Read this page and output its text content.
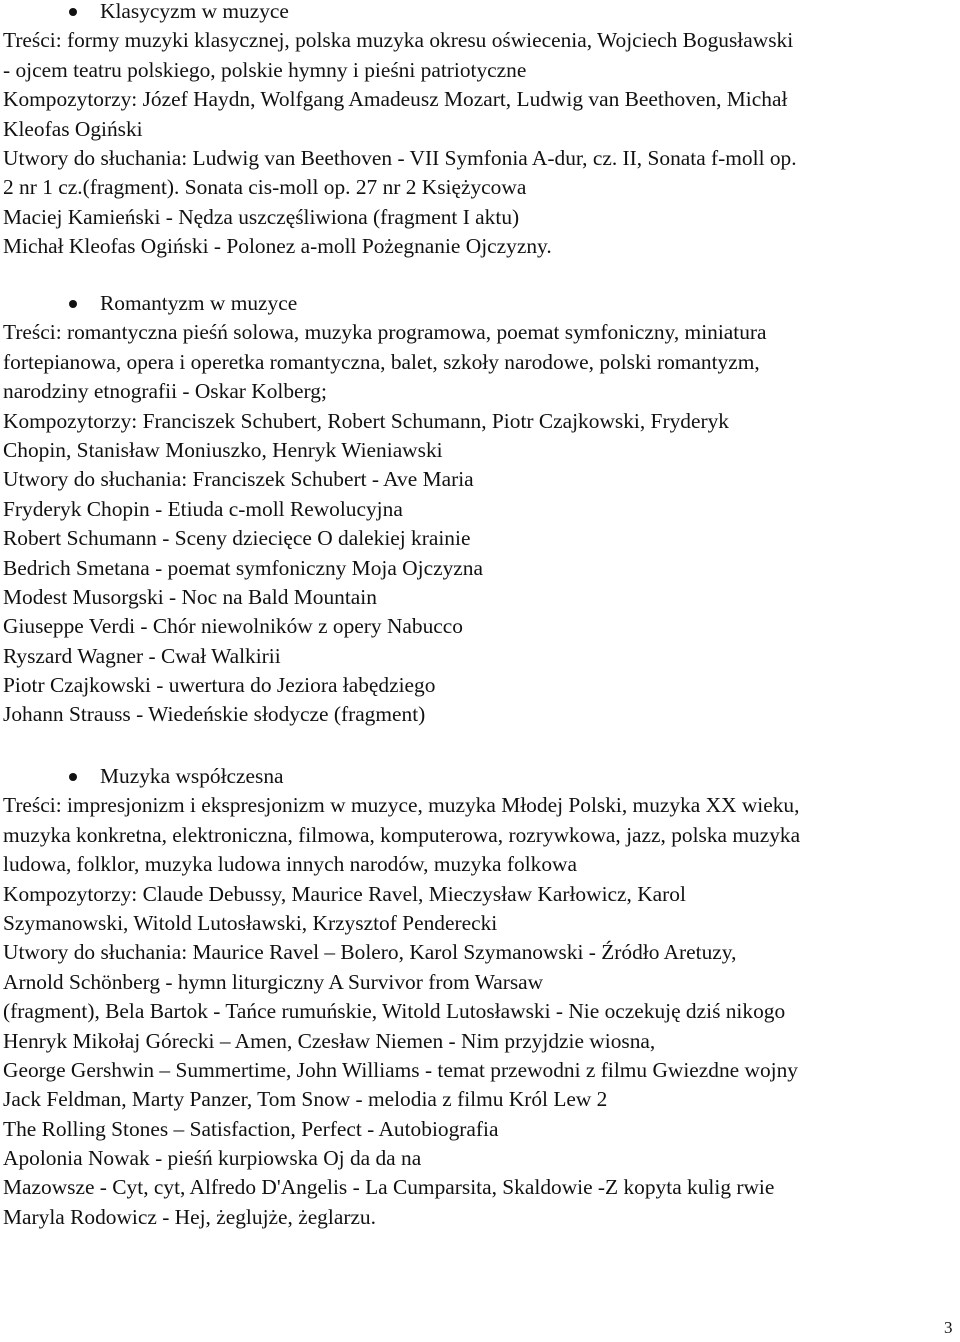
Klasycyzm w muzyce
Treści: formy muzyki klasycznej, polska muzyka okresu oświecenia, Wojciech Bogusławski
- ojcem teatru polskiego, polskie hymny i pieśni patriotyczne
Kompozytorzy: Józef Haydn, Wolfgang Amadeusz Mozart, Ludwig van Beethoven, Michał
Kleofas Ogiński
Utwory do słuchania: Ludwig van Beethoven - VII Symfonia A-dur, cz. II, Sonata f-moll op.
2 nr 1 cz.(fragment). Sonata cis-moll op. 27 nr 2 Księżycowa
Maciej Kamieński - Nędza uszczęśliwiona (fragment I aktu)
Michał Kleofas Ogiński - Polonez a-moll Pożegnanie Ojczyzny.
Romantyzm w muzyce
Treści: romantyczna pieśń solowa, muzyka programowa, poemat symfoniczny, miniatura
fortepianowa, opera i operetka romantyczna, balet, szkoły narodowe, polski romantyzm,
narodziny etnografii - Oskar Kolberg;
Kompozytorzy: Franciszek Schubert, Robert Schumann, Piotr Czajkowski, Fryderyk
Chopin, Stanisław Moniuszko, Henryk Wieniawski
Utwory do słuchania: Franciszek Schubert - Ave Maria
Fryderyk Chopin - Etiuda c-moll Rewolucyjna
Robert Schumann - Sceny dziecięce O dalekiej krainie
Bedrich Smetana - poemat symfoniczny Moja Ojczyzna
Modest Musorgski - Noc na Bald Mountain
Giuseppe Verdi - Chór niewolników z opery Nabucco
Ryszard Wagner - Cwał Walkirii
Piotr Czajkowski - uwertura do Jeziora łabędziego
Johann Strauss - Wiedeńskie słodycze (fragment)
Muzyka współczesna
Treści: impresjonizm i ekspresjonizm w muzyce, muzyka Młodej Polski, muzyka XX wieku,
muzyka konkretna, elektroniczna, filmowa, komputerowa, rozrywkowa, jazz, polska muzyka
ludowa, folklor, muzyka ludowa innych narodów, muzyka folkowa
Kompozytorzy: Claude Debussy, Maurice Ravel, Mieczysław Karłowicz, Karol
Szymanowski, Witold Lutosławski, Krzysztof Penderecki
Utwory do słuchania: Maurice Ravel – Bolero, Karol Szymanowski - Źródło Aretuzy,
Arnold Schönberg - hymn liturgiczny A Survivor from Warsaw
(fragment), Bela Bartok - Tańce rumuńskie, Witold Lutosławski - Nie oczekuję dziś nikogo
Henryk Mikołaj Górecki – Amen, Czesław Niemen - Nim przyjdzie wiosna,
George Gershwin – Summertime, John Williams - temat przewodni z filmu Gwiezdne wojny
Jack Feldman, Marty Panzer, Tom Snow - melodia z filmu Król Lew 2
The Rolling Stones – Satisfaction, Perfect - Autobiografia
Apolonia Nowak - pieśń kurpiowska Oj da da na
Mazowsze - Cyt, cyt, Alfredo D'Angelis - La Cumparsita, Skaldowie -Z kopyta kulig rwie
Maryla Rodowicz - Hej, żeglujże, żeglarzu.
3
